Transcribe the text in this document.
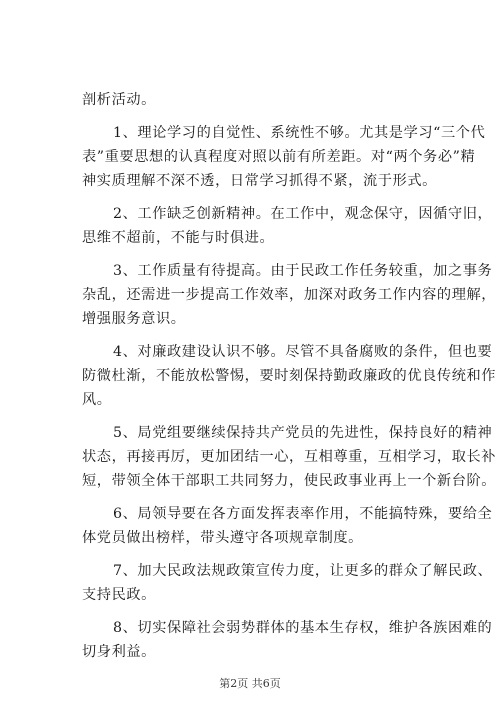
剖析活动。
1、理论学习的自觉性、系统性不够。尤其是学习“三个代
表”重要思想的认真程度对照以前有所差距。对“两个务必”精
神实质理解不深不透，日常学习抓得不紧，流于形式。
2、工作缺乏创新精神。在工作中，观念保守，因循守旧，
思维不超前，不能与时俱进。
3、工作质量有待提高。由于民政工作任务较重，加之事务
杂乱，还需进一步提高工作效率，加深对政务工作内容的理解，
增强服务意识。
4、对廉政建设认识不够。尽管不具备腐败的条件，但也要
防微杜渐，不能放松警惕，要时刻保持勤政廉政的优良传统和作
风。
5、局党组要继续保持共产党员的先进性，保持良好的精神
状态，再接再厉，更加团结一心，互相尊重，互相学习，取长补
短，带领全体干部职工共同努力，使民政事业再上一个新台阶。
6、局领导要在各方面发挥表率作用，不能搞特殊，要给全
体党员做出榜样，带头遵守各项规章制度。
7、加大民政法规政策宣传力度，让更多的群众了解民政、
支持民政。
8、切实保障社会弱势群体的基本生存权，维护各族困难的
切身利益。
第2页 共6页
